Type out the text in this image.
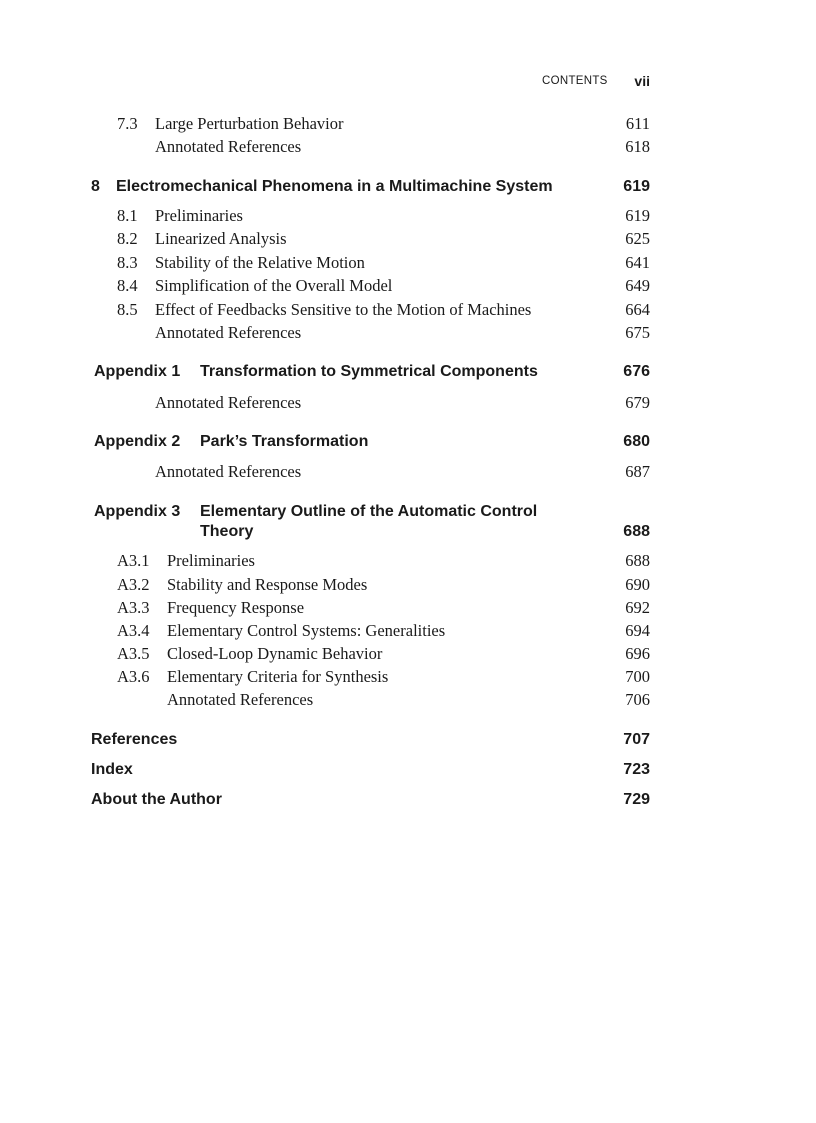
CONTENTS vii
7.3 Large Perturbation Behavior	611
Annotated References	618
8 Electromechanical Phenomena in a Multimachine System	619
8.1 Preliminaries	619
8.2 Linearized Analysis	625
8.3 Stability of the Relative Motion	641
8.4 Simplification of the Overall Model	649
8.5 Effect of Feedbacks Sensitive to the Motion of Machines	664
Annotated References	675
Appendix 1 Transformation to Symmetrical Components	676
Annotated References	679
Appendix 2 Park’s Transformation	680
Annotated References	687
Appendix 3 Elementary Outline of the Automatic Control
Theory	688
A3.1 Preliminaries	688
A3.2 Stability and Response Modes	690
A3.3 Frequency Response	692
A3.4 Elementary Control Systems: Generalities	694
A3.5 Closed-Loop Dynamic Behavior	696
A3.6 Elementary Criteria for Synthesis	700
Annotated References	706
References	707
Index	723
About the Author	729
